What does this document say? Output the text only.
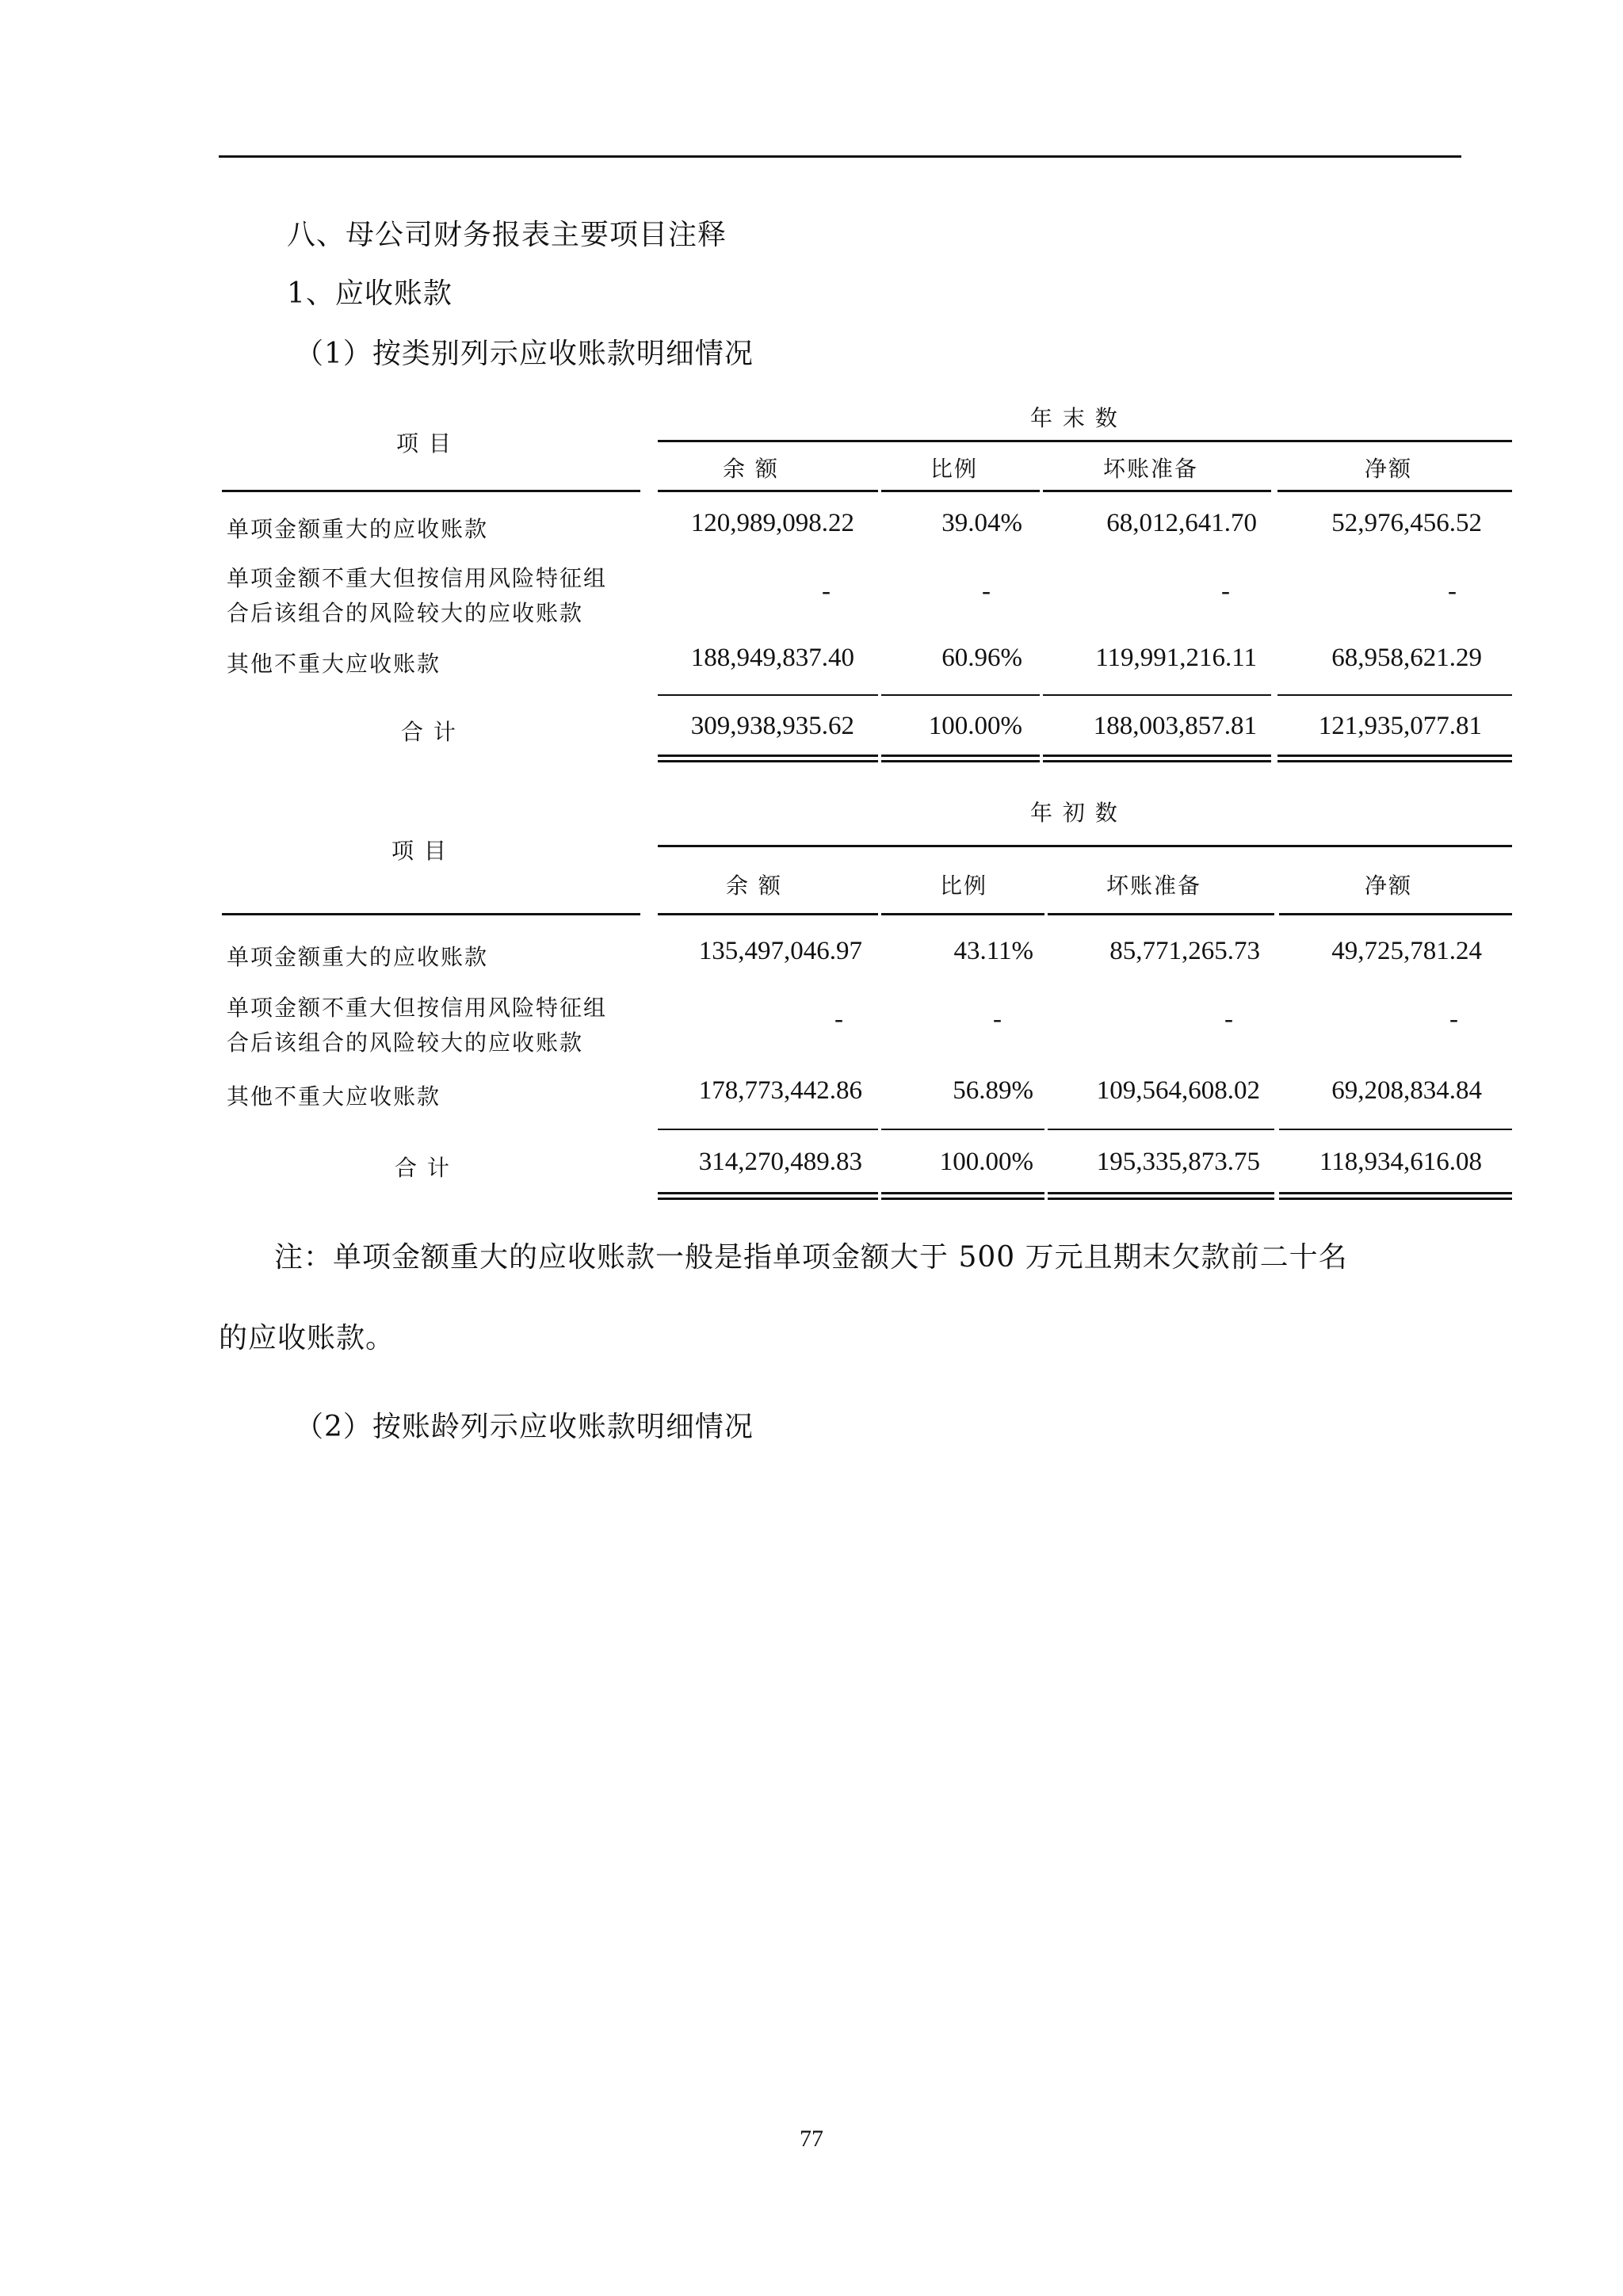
八、母公司财务报表主要项目注释
1、应收账款
（1）按类别列示应收账款明细情况
项 目
年 末 数
余 额	比例	坏账准备	净额
单项金额重大的应收账款	120,989,098.22	39.04%	68,012,641.70	52,976,456.52
单项金额不重大但按信用风险特征组
合后该组合的风险较大的应收账款
-	-	-	-
其他不重大应收账款	188,949,837.40	60.96%	119,991,216.11	68,958,621.29
合 计	309,938,935.62	100.00%	188,003,857.81	121,935,077.81
项 目
年 初 数
余 额	比例	坏账准备	净额
单项金额重大的应收账款	135,497,046.97	43.11%	85,771,265.73	49,725,781.24
单项金额不重大但按信用风险特征组
合后该组合的风险较大的应收账款
-	-	-	-
其他不重大应收账款	178,773,442.86	56.89%	109,564,608.02	69,208,834.84
合 计	314,270,489.83	100.00%	195,335,873.75	118,934,616.08
注：单项金额重大的应收账款一般是指单项金额大于 500 万元且期末欠款前二十名
的应收账款。
（2）按账龄列示应收账款明细情况
77
